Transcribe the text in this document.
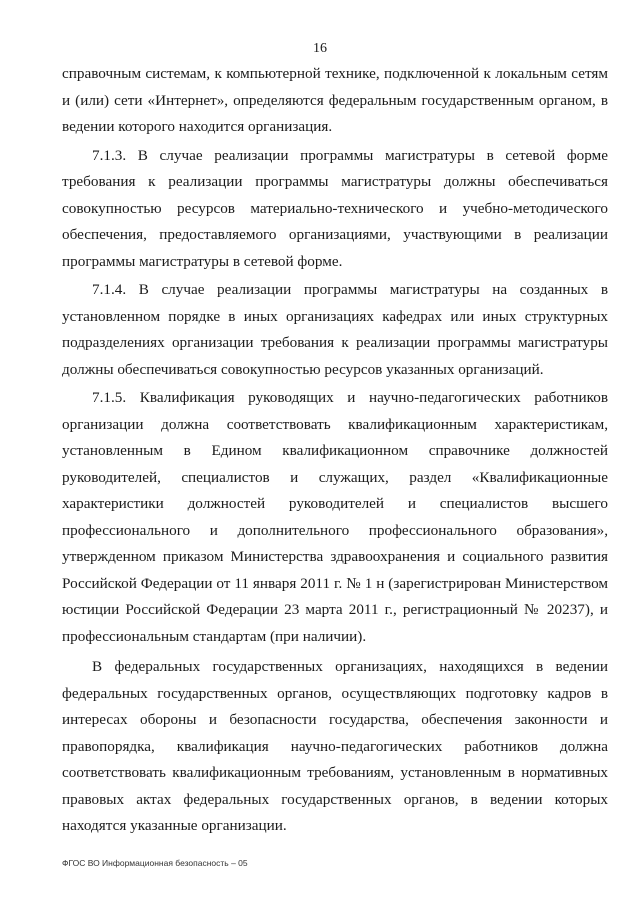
16

справочным системам, к компьютерной технике, подключенной к локальным сетям и (или) сети «Интернет», определяются федеральным государственным органом, в ведении которого находится организация.

7.1.3. В случае реализации программы магистратуры в сетевой форме требования к реализации программы магистратуры должны обеспечиваться совокупностью ресурсов материально-технического и учебно-методического обеспечения, предоставляемого организациями, участвующими в реализации программы магистратуры в сетевой форме.

7.1.4. В случае реализации программы магистратуры на созданных в установленном порядке в иных организациях кафедрах или иных структурных подразделениях организации требования к реализации программы магистратуры должны обеспечиваться совокупностью ресурсов указанных организаций.

7.1.5. Квалификация руководящих и научно-педагогических работников организации должна соответствовать квалификационным характеристикам, установленным в Едином квалификационном справочнике должностей руководителей, специалистов и служащих, раздел «Квалификационные характеристики должностей руководителей и специалистов высшего профессионального и дополнительного профессионального образования», утвержденном приказом Министерства здравоохранения и социального развития Российской Федерации от 11 января 2011 г. № 1 н (зарегистрирован Министерством юстиции Российской Федерации 23 марта 2011 г., регистрационный № 20237), и профессиональным стандартам (при наличии).

В федеральных государственных организациях, находящихся в ведении федеральных государственных органов, осуществляющих подготовку кадров в интересах обороны и безопасности государства, обеспечения законности и правопорядка, квалификация научно-педагогических работников должна соответствовать квалификационным требованиям, установленным в нормативных правовых актах федеральных государственных органов, в ведении которых находятся указанные организации.

ФГОС ВО Информационная безопасность – 05
